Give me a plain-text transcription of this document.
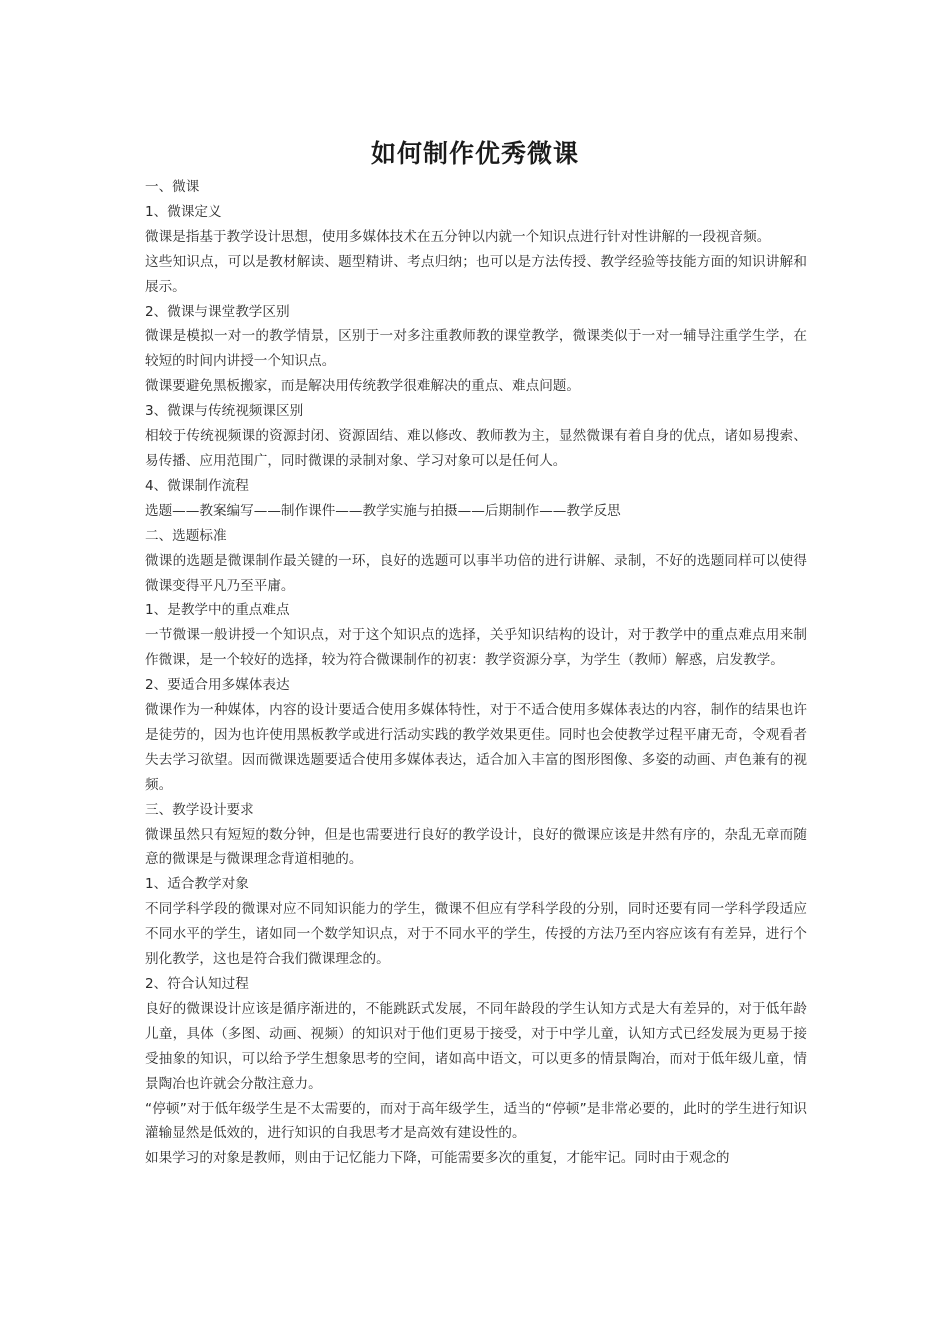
如何制作优秀微课

一、微课

1、微课定义

微课是指基于教学设计思想，使用多媒体技术在五分钟以内就一个知识点进行针对性讲解的一段视音频。

这些知识点，可以是教材解读、题型精讲、考点归纳；也可以是方法传授、教学经验等技能方面的知识讲解和展示。

2、微课与课堂教学区别

微课是模拟一对一的教学情景，区别于一对多注重教师教的课堂教学，微课类似于一对一辅导注重学生学，在较短的时间内讲授一个知识点。

微课要避免黑板搬家，而是解决用传统教学很难解决的重点、难点问题。

3、微课与传统视频课区别

相较于传统视频课的资源封闭、资源固结、难以修改、教师教为主，显然微课有着自身的优点，诸如易搜索、易传播、应用范围广，同时微课的录制对象、学习对象可以是任何人。

4、微课制作流程

选题——教案编写——制作课件——教学实施与拍摄——后期制作——教学反思

二、选题标准

微课的选题是微课制作最关键的一环，良好的选题可以事半功倍的进行讲解、录制，不好的选题同样可以使得微课变得平凡乃至平庸。

1、是教学中的重点难点

一节微课一般讲授一个知识点，对于这个知识点的选择，关乎知识结构的设计，对于教学中的重点难点用来制作微课，是一个较好的选择，较为符合微课制作的初衷：教学资源分享，为学生（教师）解惑，启发教学。

2、要适合用多媒体表达

微课作为一种媒体，内容的设计要适合使用多媒体特性，对于不适合使用多媒体表达的内容，制作的结果也许是徒劳的，因为也许使用黑板教学或进行活动实践的教学效果更佳。同时也会使教学过程平庸无奇，令观看者失去学习欲望。因而微课选题要适合使用多媒体表达，适合加入丰富的图形图像、多姿的动画、声色兼有的视频。

三、教学设计要求

微课虽然只有短短的数分钟，但是也需要进行良好的教学设计，良好的微课应该是井然有序的，杂乱无章而随意的微课是与微课理念背道相驰的。

1、适合教学对象

不同学科学段的微课对应不同知识能力的学生，微课不但应有学科学段的分别，同时还要有同一学科学段适应不同水平的学生，诸如同一个数学知识点，对于不同水平的学生，传授的方法乃至内容应该有有差异，进行个别化教学，这也是符合我们微课理念的。

2、符合认知过程

良好的微课设计应该是循序渐进的，不能跳跃式发展，不同年龄段的学生认知方式是大有差异的，对于低年龄儿童，具体（多图、动画、视频）的知识对于他们更易于接受，对于中学儿童，认知方式已经发展为更易于接受抽象的知识，可以给予学生想象思考的空间，诸如高中语文，可以更多的情景陶冶，而对于低年级儿童，情景陶冶也许就会分散注意力。

“停顿”对于低年级学生是不太需要的，而对于高年级学生，适当的“停顿”是非常必要的，此时的学生进行知识灌输显然是低效的，进行知识的自我思考才是高效有建设性的。

如果学习的对象是教师，则由于记忆能力下降，可能需要多次的重复，才能牢记。同时由于观念的
